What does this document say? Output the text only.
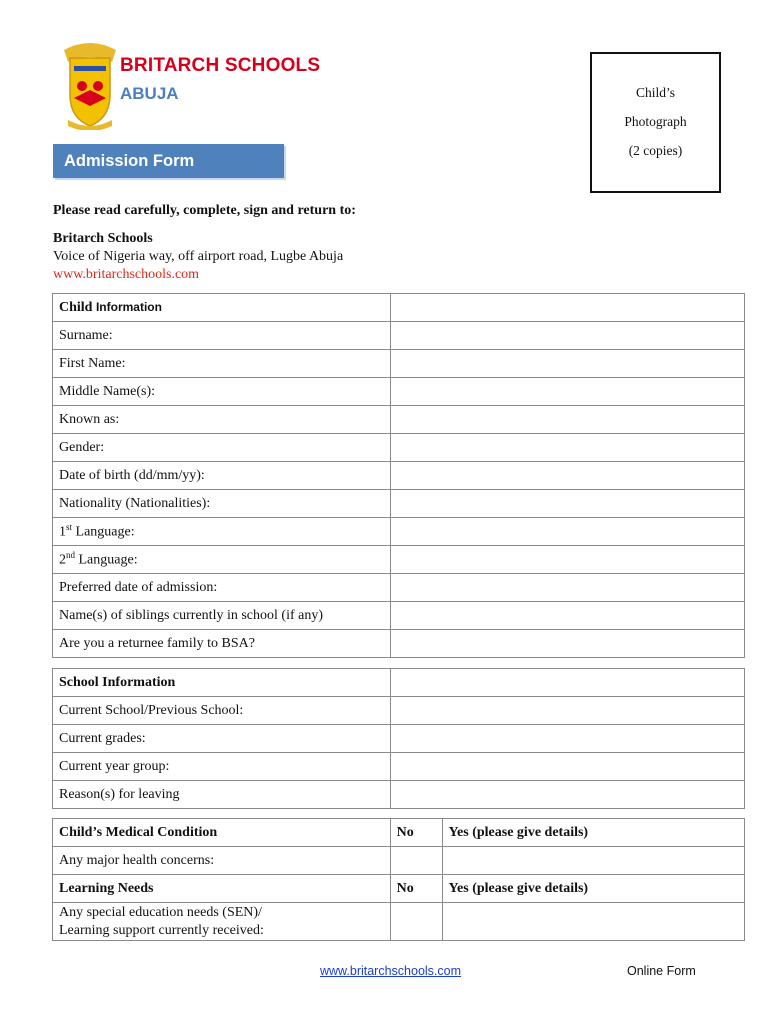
BRITARCH SCHOOLS
ABUJA	Child’s
Photograph
(2 copies)
Admission Form
Please read carefully, complete, sign and return to:
Britarch Schools
Voice of Nigeria way, off airport road, Lugbe Abuja
www.britarchschools.com
Child Information	
Surname:	
First Name:	
Middle Name(s):	
Known as:	
Gender:	
Date of birth (dd/mm/yy):	
Nationality (Nationalities):	
1st Language:	
2nd Language:	
Preferred date of admission:	
Name(s) of siblings currently in school (if any)	
Are you a returnee family to BSA?	
School Information	
Current School/Previous School:	
Current grades:	
Current year group:	
Reason(s) for leaving	
Child’s Medical Condition	No	Yes (please give details)
Any major health concerns:		
Learning Needs	No	Yes (please give details)

Any special education needs (SEN)/
Learning support currently received:		

www.britarchschools.com	Online Form
